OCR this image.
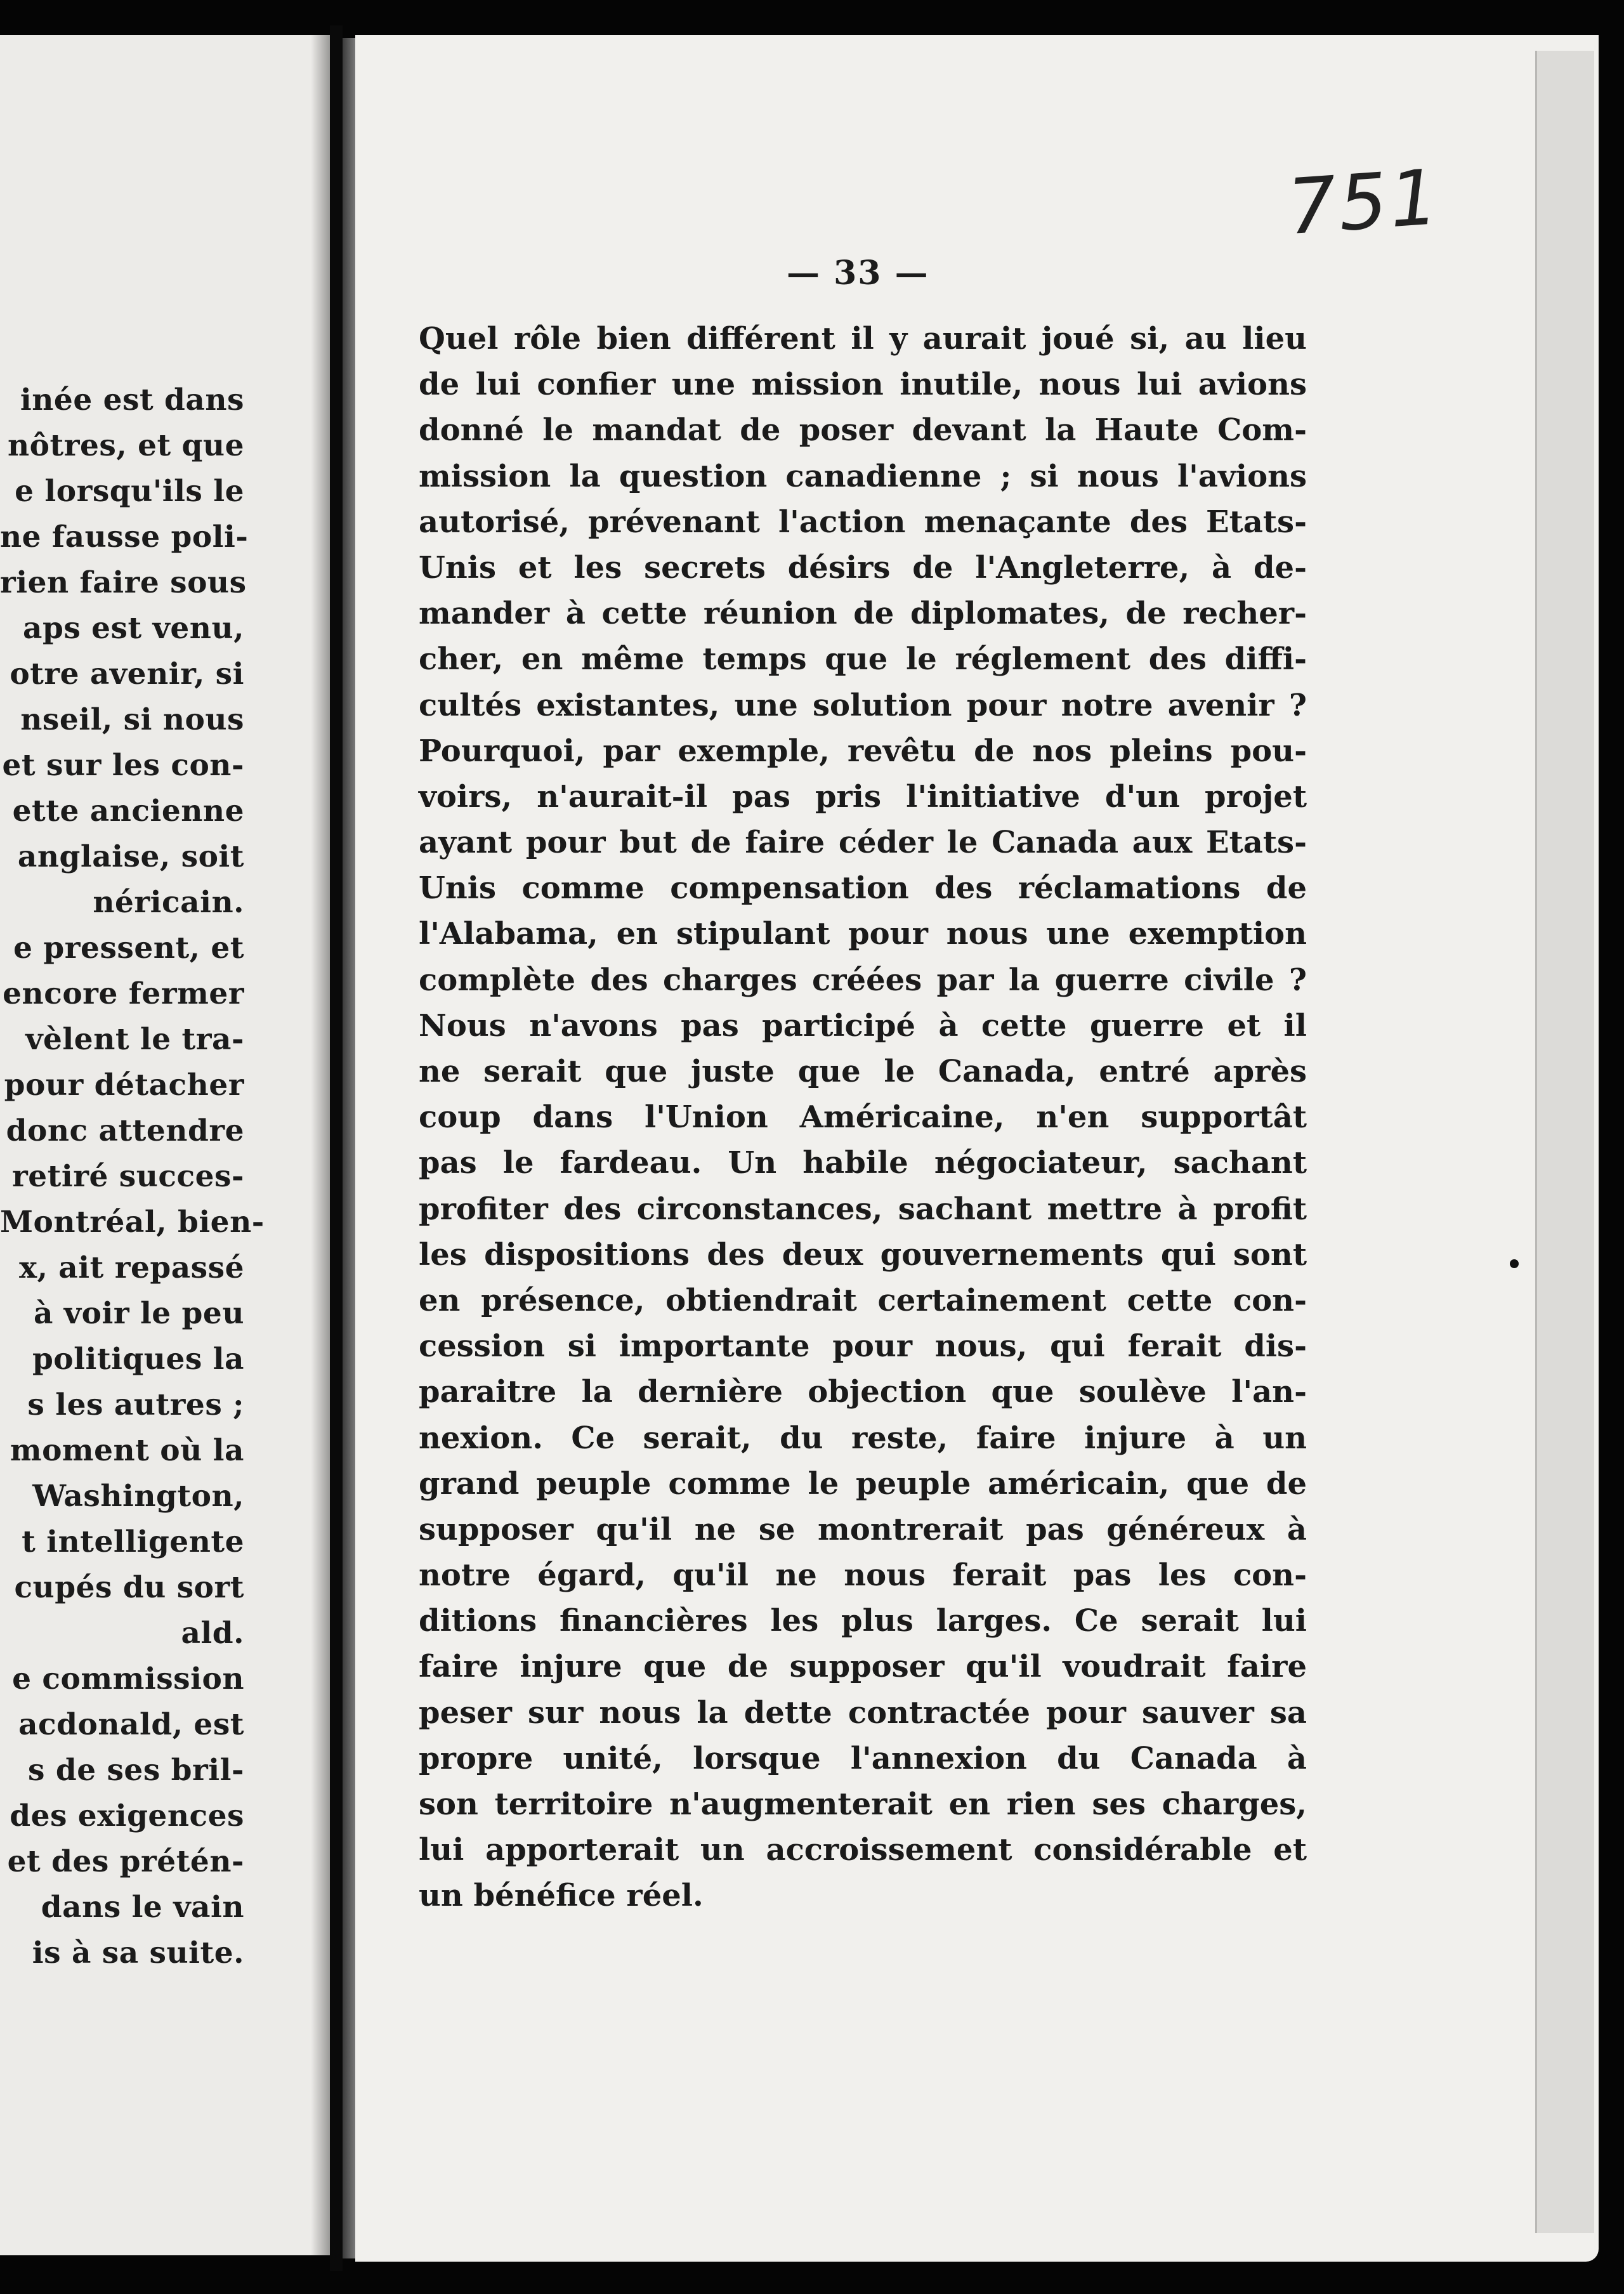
inée est dans
nôtres, et que
e lorsqu'ils le
ne fausse poli-
rien faire sous
aps est venu,
otre avenir, si
nseil, si nous
et sur les con-
ette ancienne
anglaise, soit
néricain.
e pressent, et
encore fermer
vèlent le tra-
pour détacher
donc attendre
retiré succes-
Montréal, bien-
x, ait repassé
à voir le peu
politiques la
s les autres ;
moment où la
Washington,
t intelligente
cupés du sort
ald.
e commission
acdonald, est
s de ses bril-
des exigences
et des prétén-
dans le vain
is à sa suite.
751
— 33 —
Quel rôle bien différent il y aurait joué si, au lieu
de lui confier une mission inutile, nous lui avions
donné le mandat de poser devant la Haute Com-
mission la question canadienne ; si nous l'avions
autorisé, prévenant l'action menaçante des Etats-
Unis et les secrets désirs de l'Angleterre, à de-
mander à cette réunion de diplomates, de recher-
cher, en même temps que le réglement des diffi-
cultés existantes, une solution pour notre avenir ?
Pourquoi, par exemple, revêtu de nos pleins pou-
voirs, n'aurait-il pas pris l'initiative d'un projet
ayant pour but de faire céder le Canada aux Etats-
Unis comme compensation des réclamations de
l'Alabama, en stipulant pour nous une exemption
complète des charges créées par la guerre civile ?
Nous n'avons pas participé à cette guerre et il
ne serait que juste que le Canada, entré après
coup dans l'Union Américaine, n'en supportât
pas le fardeau. Un habile négociateur, sachant
profiter des circonstances, sachant mettre à profit
les dispositions des deux gouvernements qui sont
en présence, obtiendrait certainement cette con-
cession si importante pour nous, qui ferait dis-
paraitre la dernière objection que soulève l'an-
nexion. Ce serait, du reste, faire injure à un
grand peuple comme le peuple américain, que de
supposer qu'il ne se montrerait pas généreux à
notre égard, qu'il ne nous ferait pas les con-
ditions financières les plus larges. Ce serait lui
faire injure que de supposer qu'il voudrait faire
peser sur nous la dette contractée pour sauver sa
propre unité, lorsque l'annexion du Canada à
son territoire n'augmenterait en rien ses charges,
lui apporterait un accroissement considérable et
un bénéfice réel.
